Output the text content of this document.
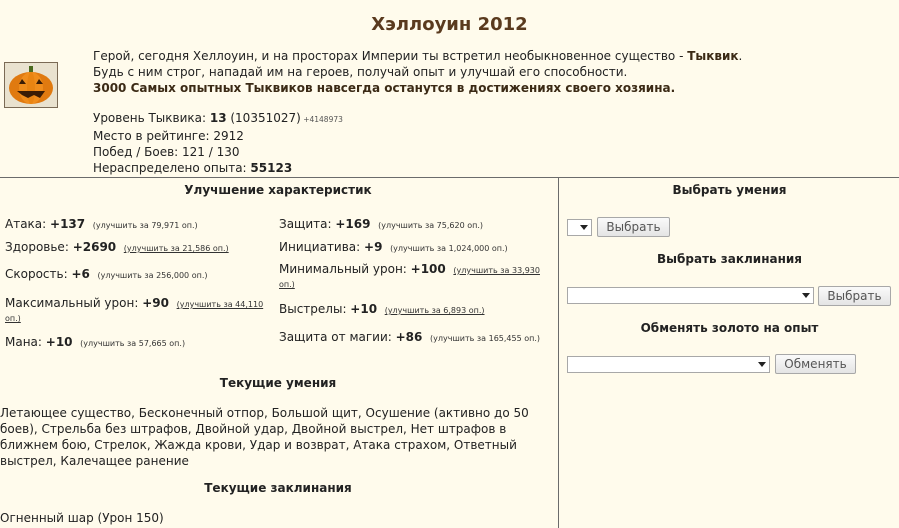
Хэллоуин 2012
Герой, сегодня Хеллоуин, и на просторах Империи ты встретил необыкновенное существо - Тыквик.
Будь с ним строг, нападай им на героев, получай опыт и улучшай его способности.
3000 Самых опытных Тыквиков навсегда останутся в достижениях своего хозяина.
Уровень Тыквика: 13 (10351027) +4148973
Место в рейтинге: 2912
Побед / Боев: 121 / 130
Нераспределено опыта: 55123
Улучшение характеристик
Атака: +137 (улучшить за 79,971 оп.)
Здоровье: +2690 (улучшить за 21,586 оп.)
Скорость: +6 (улучшить за 256,000 оп.)
Максимальный урон: +90 (улучшить за 44,110 оп.)
Мана: +10 (улучшить за 57,665 оп.)
Защита: +169 (улучшить за 75,620 оп.)
Инициатива: +9 (улучшить за 1,024,000 оп.)
Минимальный урон: +100 (улучшить за 33,930 оп.)
Выстрелы: +10 (улучшить за 6,893 оп.)
Защита от магии: +86 (улучшить за 165,455 оп.)
Текущие умения
Летающее существо, Бесконечный отпор, Большой щит, Осушение (активно до 50 боев), Стрельба без штрафов, Двойной удар, Двойной выстрел, Нет штрафов в ближнем бою, Стрелок, Жажда крови, Удар и возврат, Атака страхом, Ответный выстрел, Калечащее ранение
Текущие заклинания
Огненный шар (Урон 150)
Выбрать умения
Выбрать
Выбрать заклинания
Выбрать
Обменять золото на опыт
Обменять
